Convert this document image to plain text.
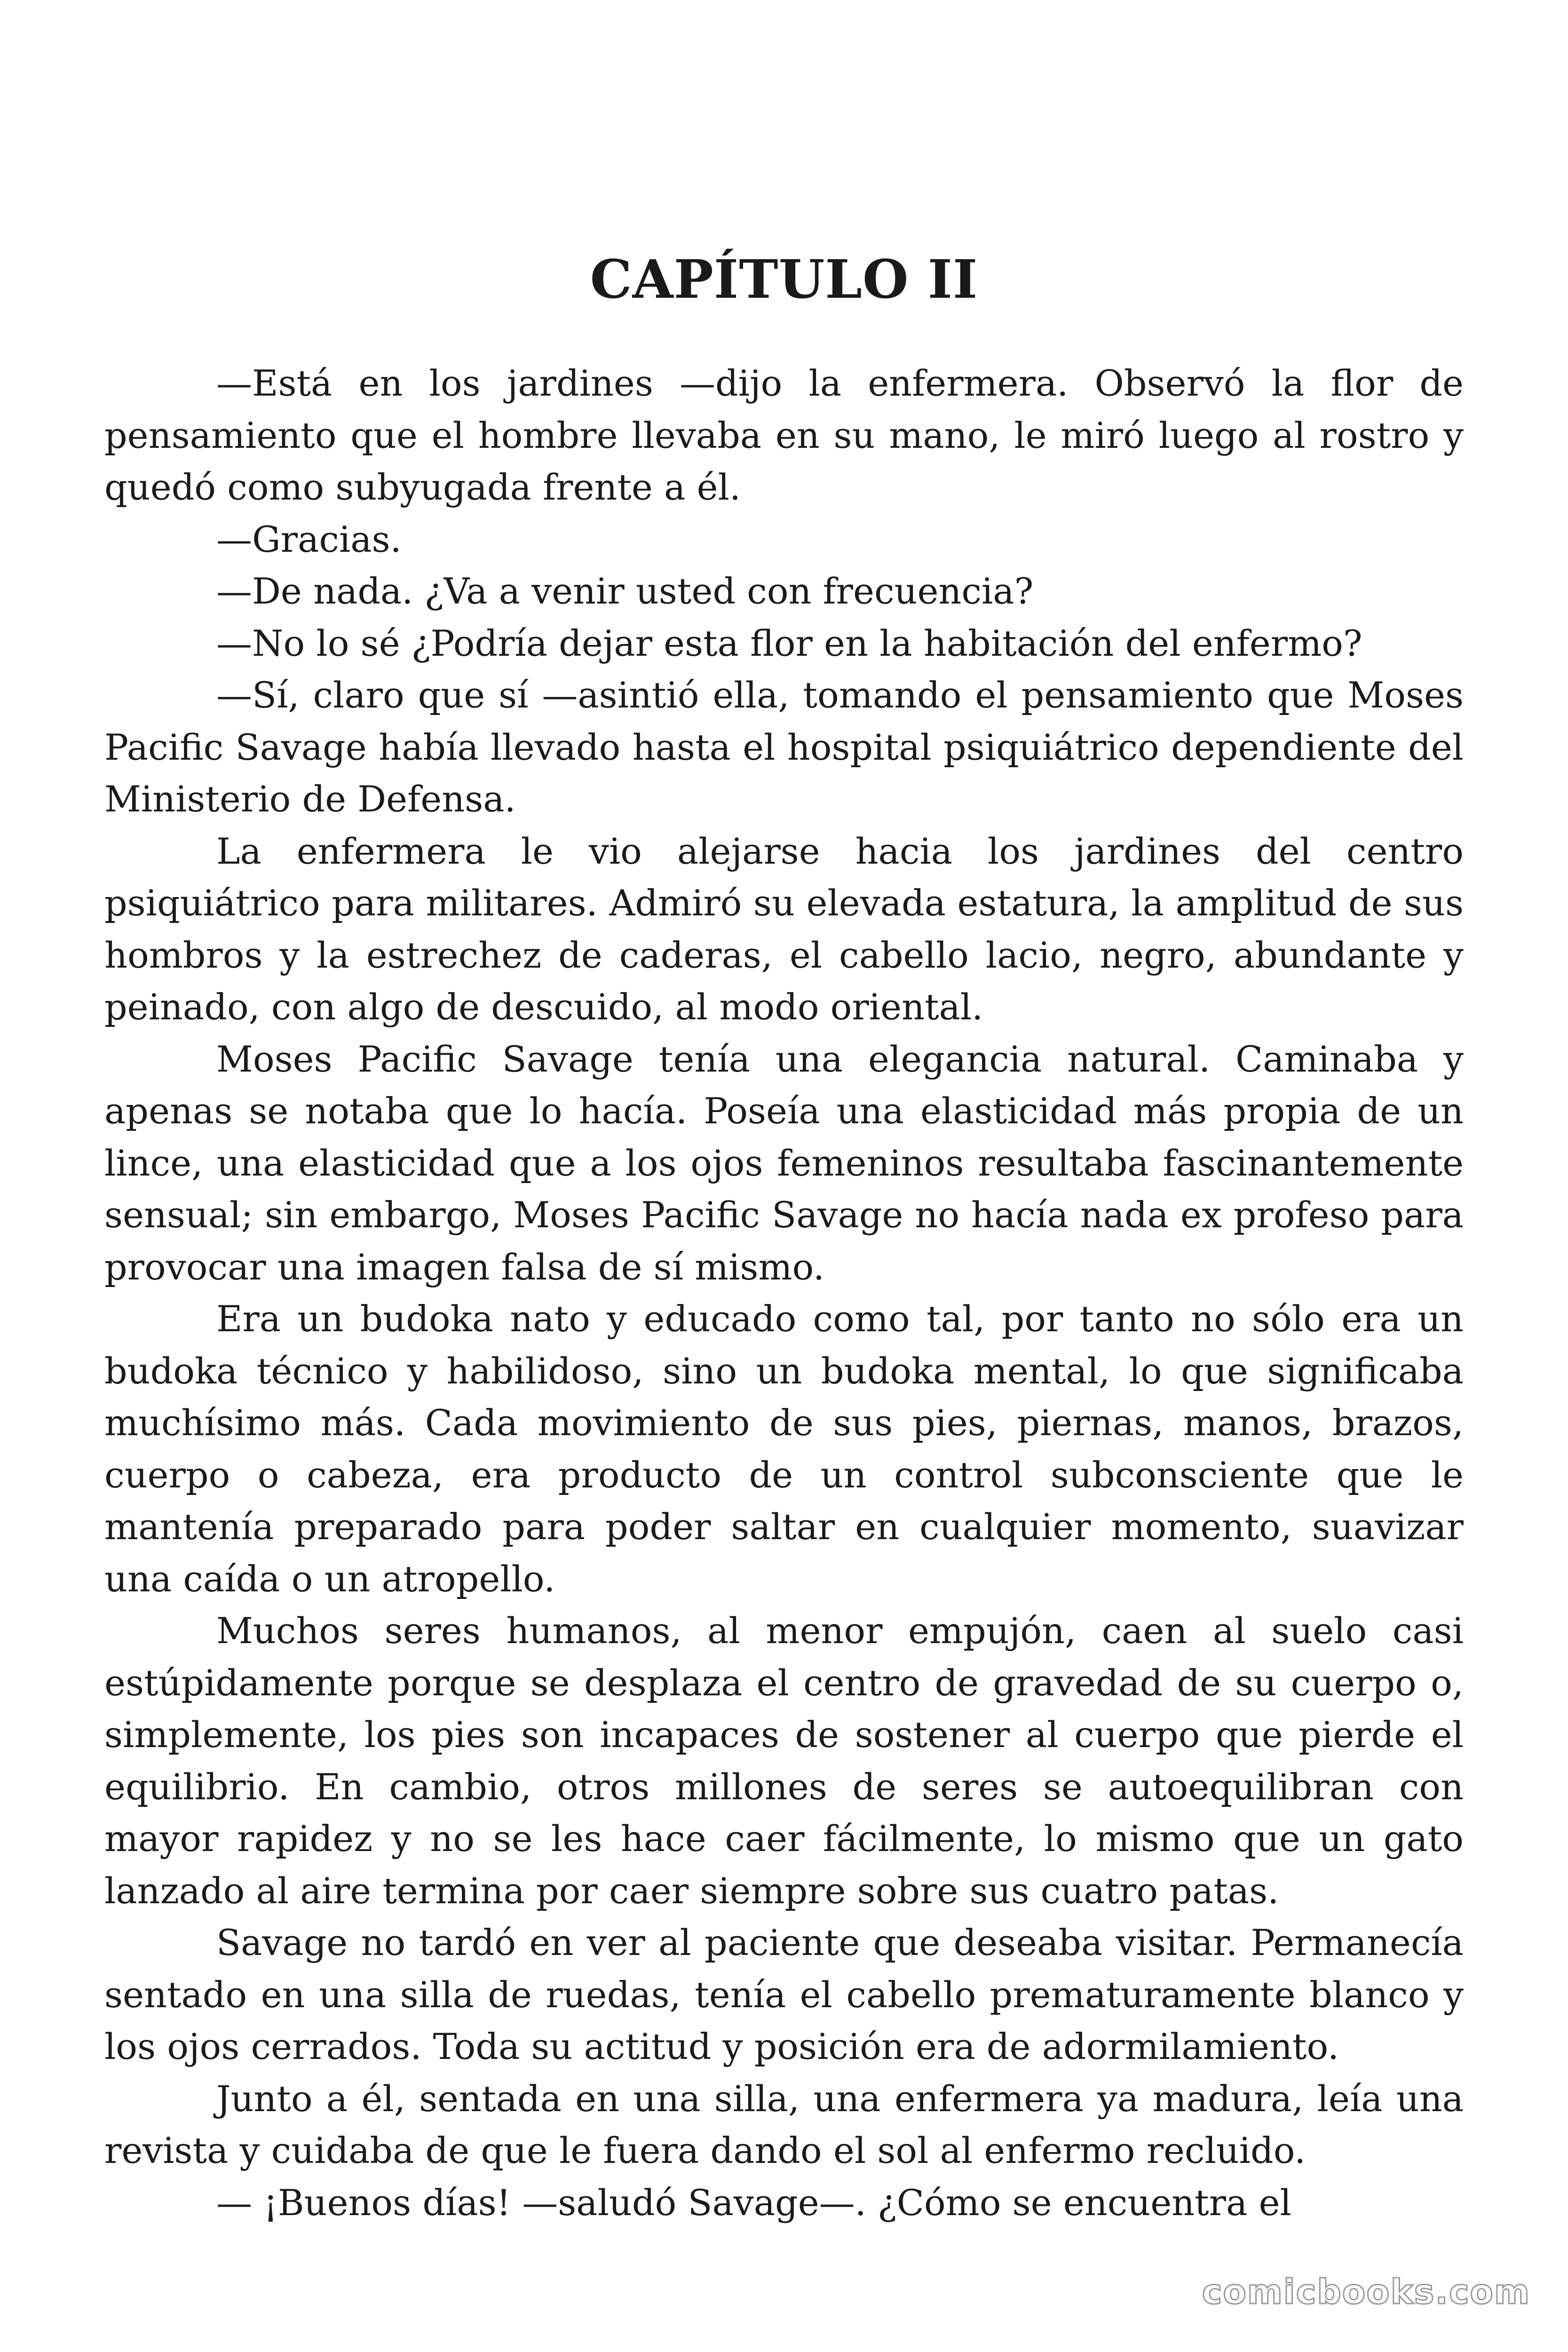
CAPÍTULO II

—Está en los jardines —dijo la enfermera. Observó la flor de pensamiento que el hombre llevaba en su mano, le miró luego al rostro y quedó como subyugada frente a él.

—Gracias.

—De nada. ¿Va a venir usted con frecuencia?

—No lo sé ¿Podría dejar esta flor en la habitación del enfermo?

—Sí, claro que sí —asintió ella, tomando el pensamiento que Moses Pacific Savage había llevado hasta el hospital psiquiátrico dependiente del Ministerio de Defensa.

La enfermera le vio alejarse hacia los jardines del centro psiquiátrico para militares. Admiró su elevada estatura, la amplitud de sus hombros y la estrechez de caderas, el cabello lacio, negro, abundante y peinado, con algo de descuido, al modo oriental.

Moses Pacific Savage tenía una elegancia natural. Caminaba y apenas se notaba que lo hacía. Poseía una elasticidad más propia de un lince, una elasticidad que a los ojos femeninos resultaba fascinantemente sensual; sin embargo, Moses Pacific Savage no hacía nada ex profeso para provocar una imagen falsa de sí mismo.

Era un budoka nato y educado como tal, por tanto no sólo era un budoka técnico y habilidoso, sino un budoka mental, lo que significaba muchísimo más. Cada movimiento de sus pies, piernas, manos, brazos, cuerpo o cabeza, era producto de un control subconsciente que le mantenía preparado para poder saltar en cualquier momento, suavizar una caída o un atropello.

Muchos seres humanos, al menor empujón, caen al suelo casi estúpidamente porque se desplaza el centro de gravedad de su cuerpo o, simplemente, los pies son incapaces de sostener al cuerpo que pierde el equilibrio. En cambio, otros millones de seres se autoequilibran con mayor rapidez y no se les hace caer fácilmente, lo mismo que un gato lanzado al aire termina por caer siempre sobre sus cuatro patas.

Savage no tardó en ver al paciente que deseaba visitar. Permanecía sentado en una silla de ruedas, tenía el cabello prematuramente blanco y los ojos cerrados. Toda su actitud y posición era de adormilamiento.

Junto a él, sentada en una silla, una enfermera ya madura, leía una revista y cuidaba de que le fuera dando el sol al enfermo recluido.

— ¡Buenos días! —saludó Savage—. ¿Cómo se encuentra el

comicbooks.com
